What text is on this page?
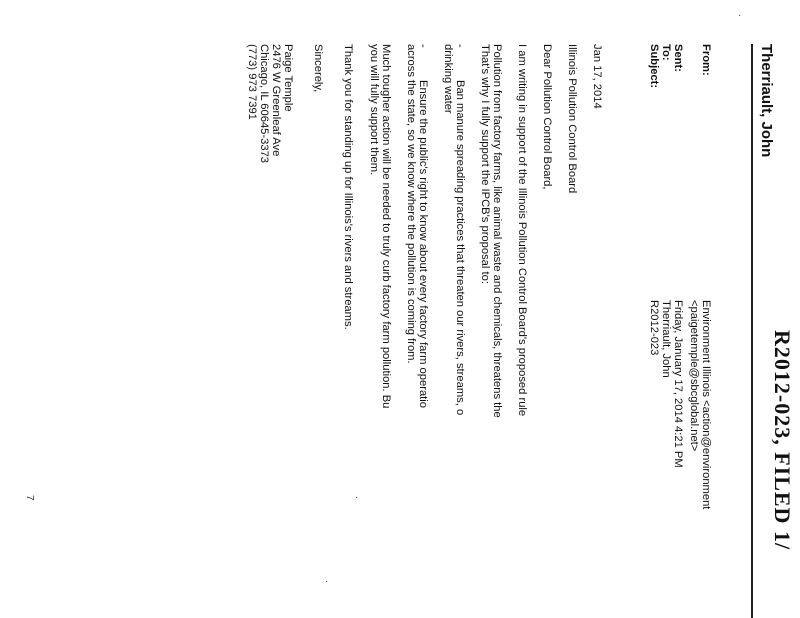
R2012-023, FILED 1/
Therriault, John
From:
Sent:
To:
Subject:
Environment Illinois <action@environment
<paigetemple@sbcglobal.net>
Friday, January 17, 2014 4:21 PM
Therriault, John
R2012-023
Jan 17, 2014
Illinois Pollution Control Board
Dear Pollution Control Board,
I am writing in support of the Illinois Pollution Control Board's proposed rule
Pollution from factory farms, like animal waste and chemicals, threatens the
That's why I fully support the IPCB's proposal to:
-
Ban manure spreading practices that threaten our rivers, streams, o
drinking water
-
Ensure the public's right to know about every factory farm operatio
across the state, so we know where the pollution is coming from.
Much tougher action will be needed to truly curb factory farm pollution. Bu
you will fully support them.
Thank you for standing up for Illinois's rivers and streams.
Sincerely,
Paige Temple
2476 W Greenleaf Ave
Chicago, IL 60645-3373
(773) 973 7391
7
·
·
·
